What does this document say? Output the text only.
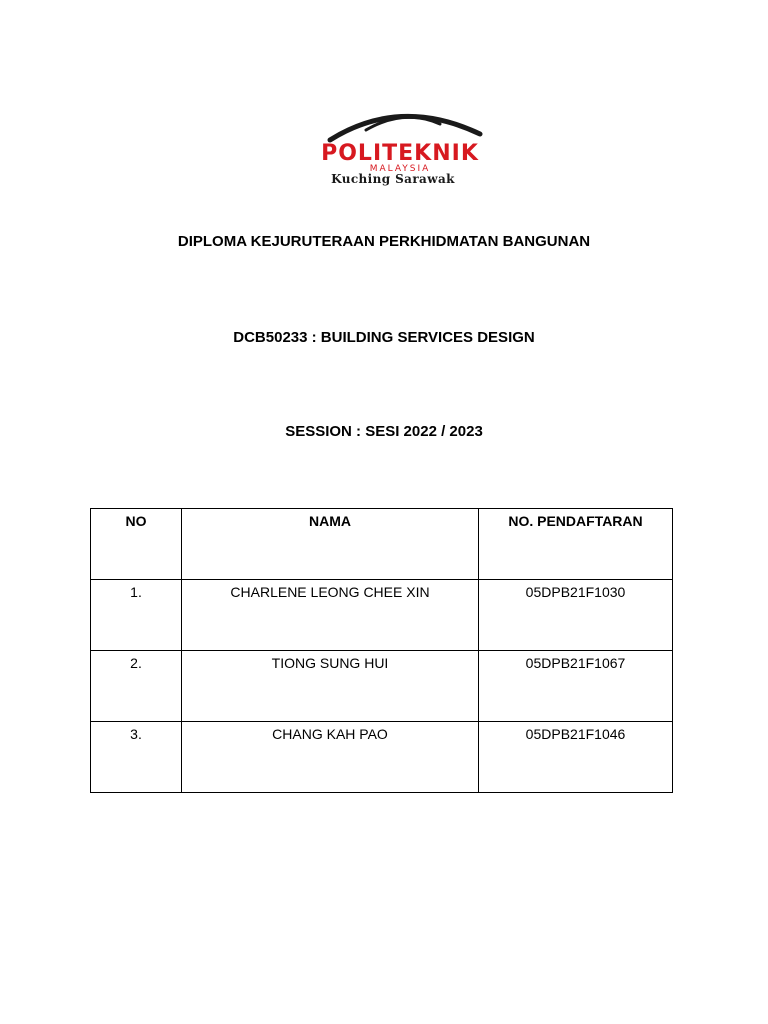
POLITEKNIK
MALAYSIA
Kuching Sarawak
DIPLOMA KEJURUTERAAN PERKHIDMATAN BANGUNAN
DCB50233 : BUILDING SERVICES DESIGN
SESSION : SESI 2022 / 2023
NO	NAMA	NO. PENDAFTARAN
1.	CHARLENE LEONG CHEE XIN	05DPB21F1030
2.	TIONG SUNG HUI	05DPB21F1067
3.	CHANG KAH PAO	05DPB21F1046
